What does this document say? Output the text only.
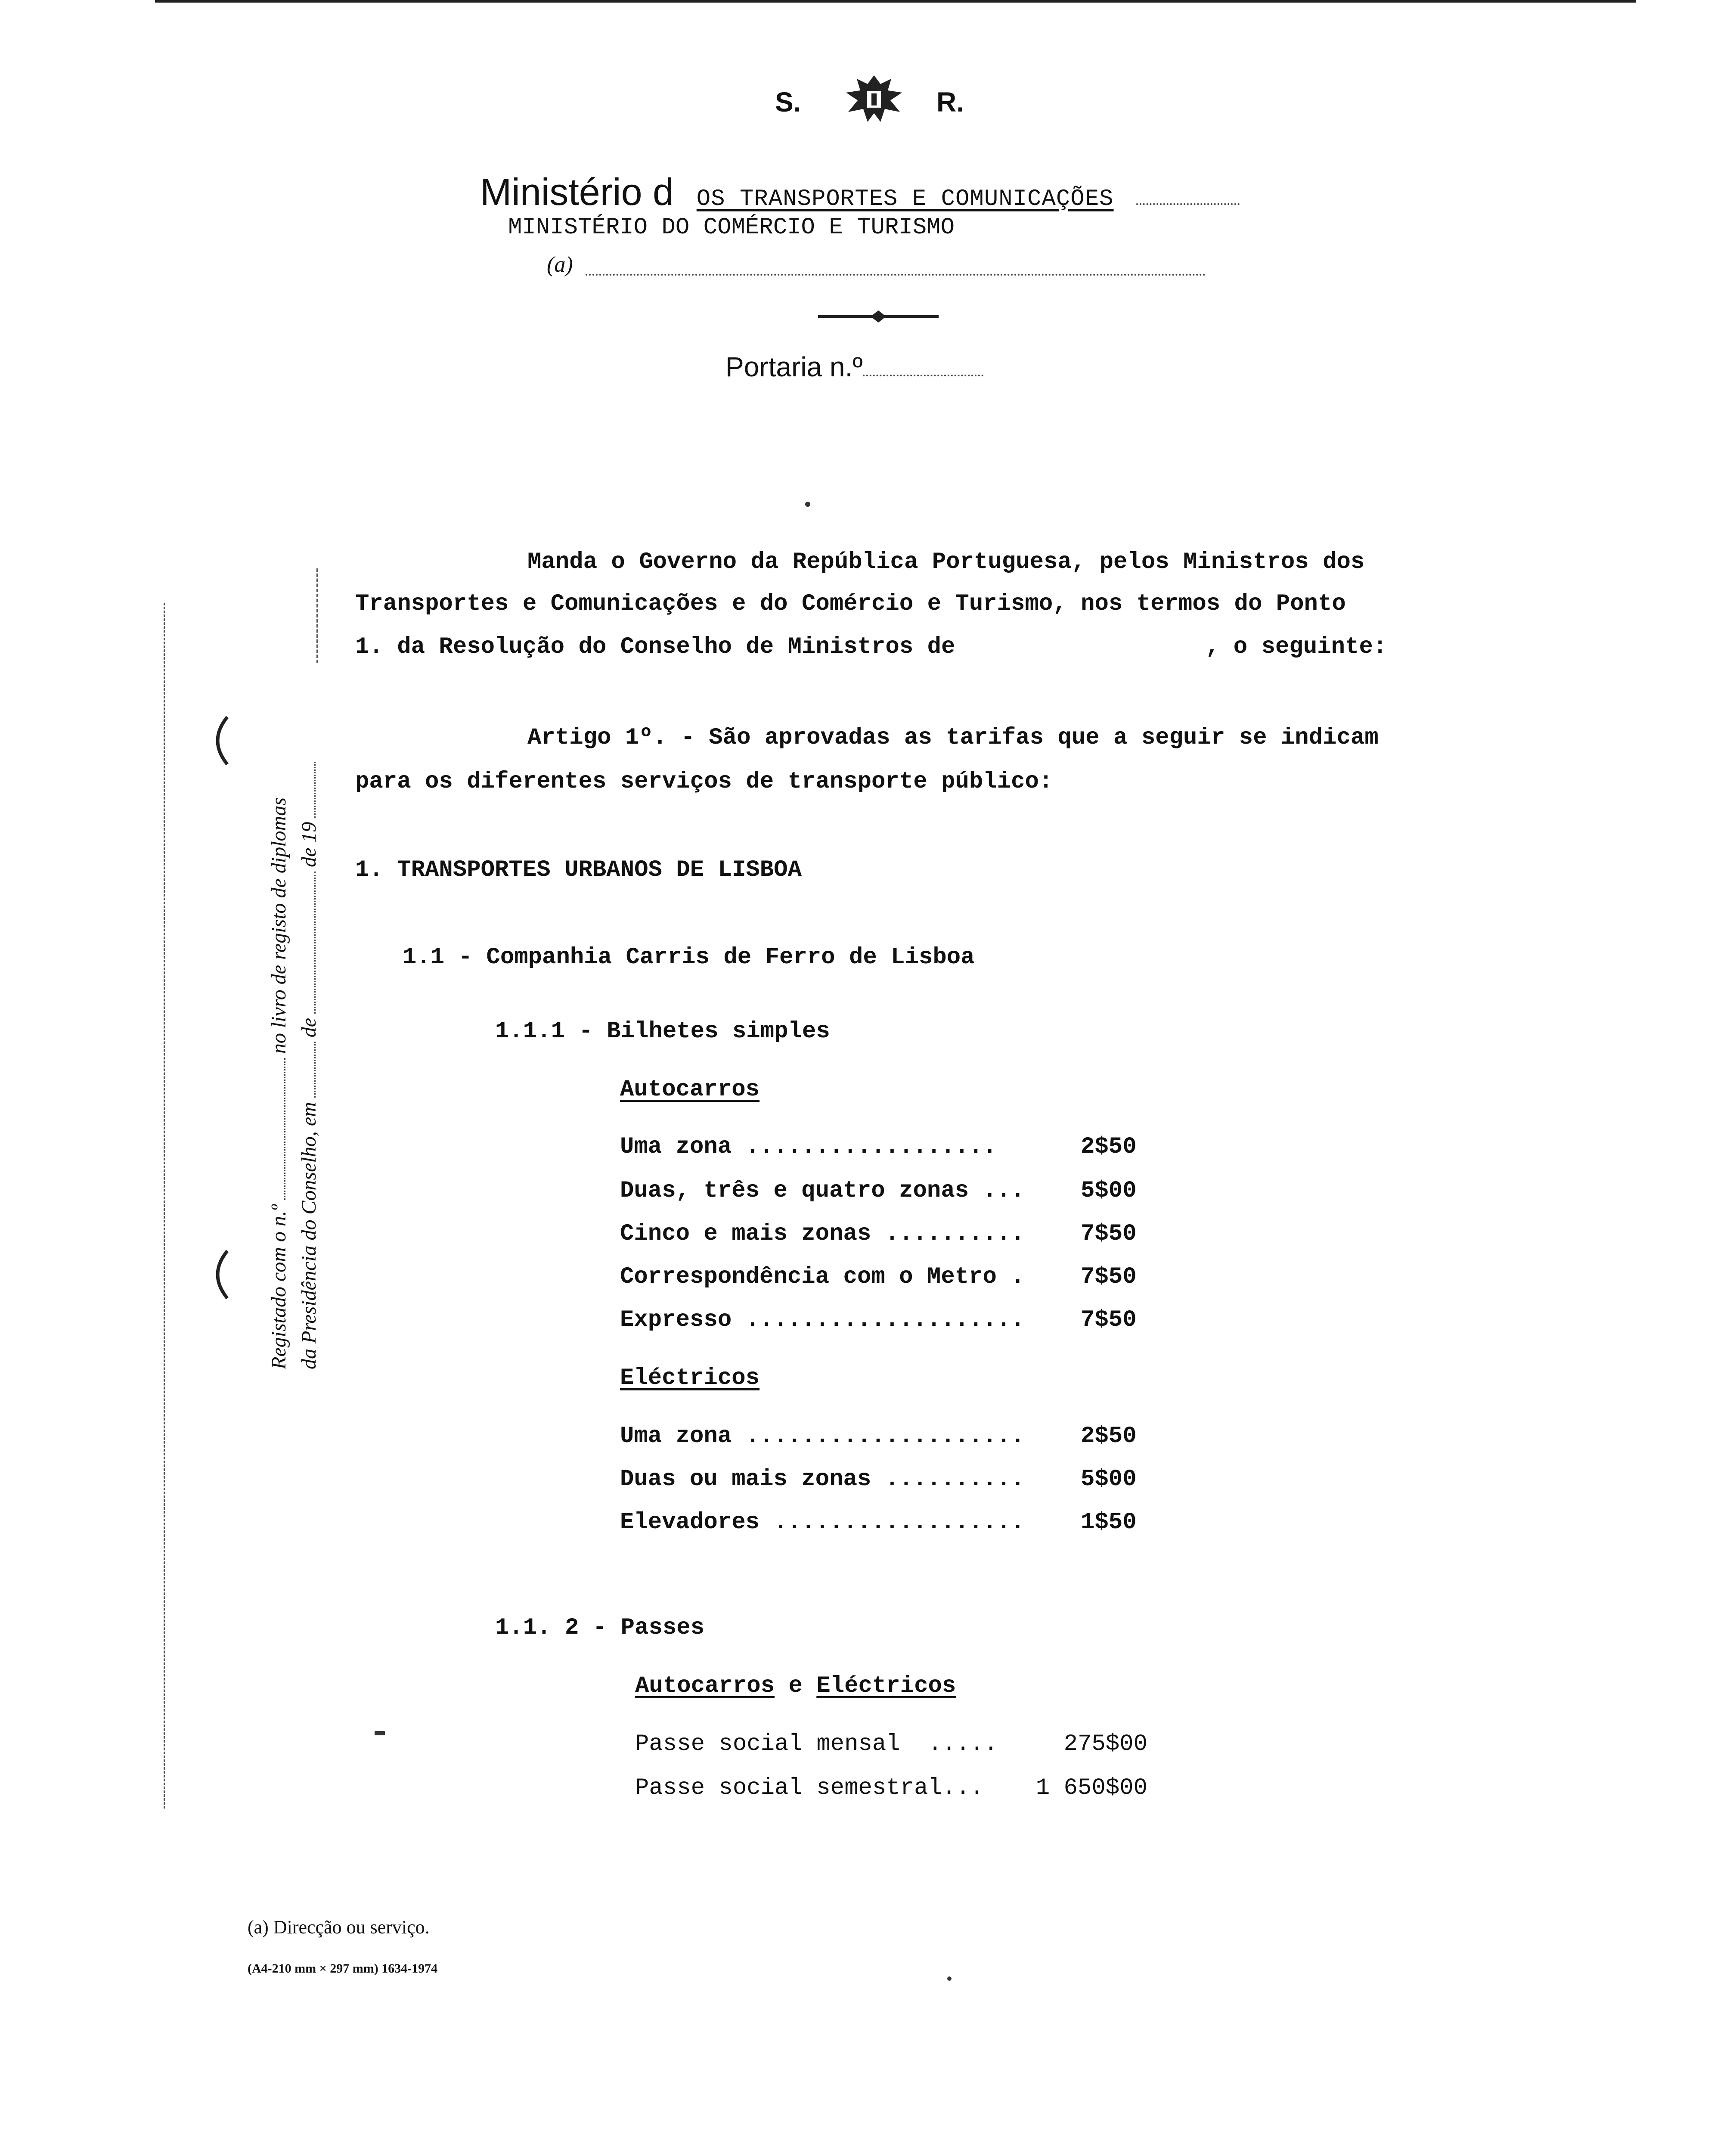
S.	R.
Ministério d OS TRANSPORTES E COMUNICAÇÕES
MINISTÉRIO DO COMÉRCIO E TURISMO
(a)
Portaria n.º
Registado com o n.ºno livro de registo de diplomas
da Presidência do Conselho, emdede 19
Manda o Governo da República Portuguesa, pelos Ministros dos
Transportes e Comunicações e do Comércio e Turismo, nos termos do Ponto
1. da Resolução do Conselho de Ministros de	, o seguinte:
Artigo 1º. - São aprovadas as tarifas que a seguir se indicam
para os diferentes serviços de transporte público:
1. TRANSPORTES URBANOS DE LISBOA
1.1 - Companhia Carris de Ferro de Lisboa
1.1.1 - Bilhetes simples
Autocarros
Uma zona ..................	2$50
Duas, três e quatro zonas ... 5$00
Cinco e mais zonas .......... 7$50
Correspondência com o Metro . 7$50
Expresso .................... 7$50
Eléctricos
Uma zona .................... 2$50
Duas ou mais zonas .......... 5$00
Elevadores .................. 1$50
1.1. 2 - Passes
Autocarros e Eléctricos
Passe social mensal  .....	275$00
Passe social semestral...	1 650$00
(a) Direcção ou serviço.
(A4-210 mm × 297 mm) 1634-1974
